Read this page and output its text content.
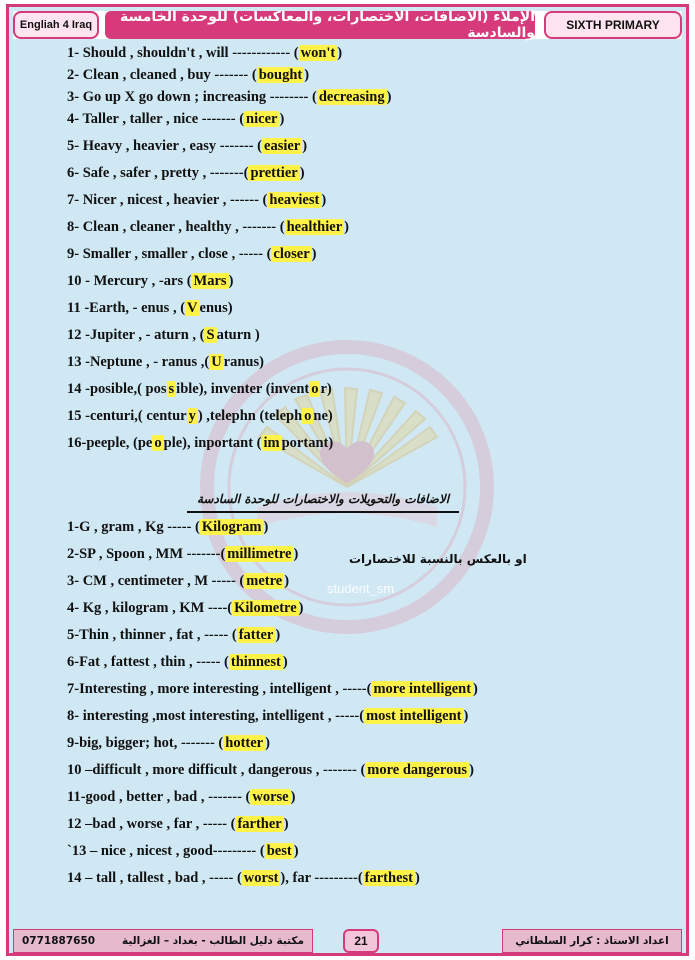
Engliah 4 Iraq	الإملاء (الاضافات، الاختصارات، والمعاكسات) للوحدة الخامسة والسادسة	SIXTH PRIMARY
1- Should , shouldn't , will ------------ ( won't )
2- Clean , cleaned , buy ------- ( bought )
3- Go up X go down ; increasing -------- ( decreasing )
4- Taller , taller , nice ------- ( nicer )
5- Heavy , heavier , easy ------- ( easier )
6- Safe , safer , pretty , -------( prettier )
7- Nicer , nicest , heavier , ------ ( heaviest )
8- Clean , cleaner , healthy , ------- ( healthier )
9- Smaller , smaller , close , ----- ( closer )
10 - Mercury , -ars ( Mars )
11 -Earth, - enus , ( V enus)
12 -Jupiter , - aturn , ( S aturn )
13 -Neptune , - ranus ,( U ranus)
14 -posible,( pos s ible), inventer (invent o r)
15 -centuri,( centur y ) ,telephn (teleph o ne)
16-peeple, (pe o ple), inportant ( im portant)
الاضافات والتحويلات والاختصارات للوحدة السادسة
1-G , gram , Kg ----- ( Kilogram )
2-SP , Spoon , MM -------( millimetre )
3- CM , centimeter , M ----- ( metre )
4- Kg , kilogram , KM ----( Kilometre )
5-Thin , thinner , fat , ----- ( fatter )
6-Fat , fattest , thin , ----- ( thinnest )
7-Interesting , more interesting , intelligent , -----( more intelligent )
8- interesting ,most interesting, intelligent , -----( most intelligent )
9-big, bigger; hot, ------- ( hotter )
10 –difficult , more difficult , dangerous , ------- ( more dangerous )
11-good , better , bad , ------- ( worse )
12 –bad , worse , far , ----- ( farther )
`13 – nice , nicest , good--------- ( best )
14 – tall , tallest , bad , ----- ( worst ), far ---------( farthest )
او بالعكس بالنسبة للاختصارات
student_sm
0771887650	مكتبة دليل الطالب - بغداد – الغزالية	21	اعداد الاستاذ : كرار السلطاني
